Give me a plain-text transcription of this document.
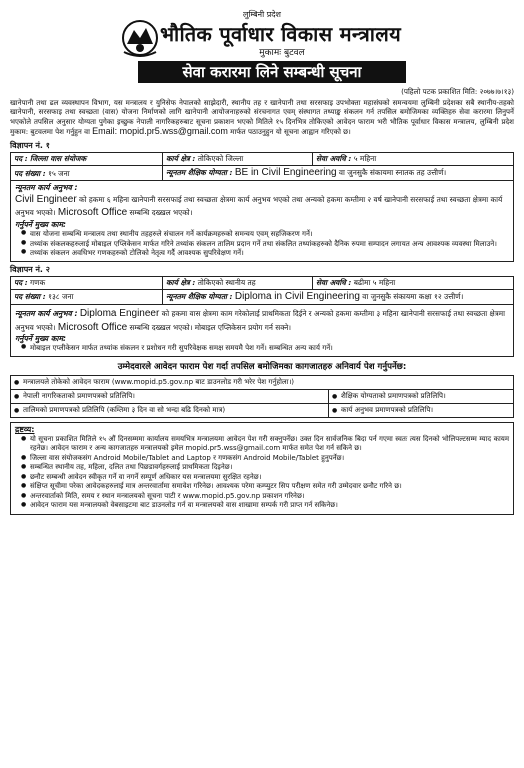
लुम्बिनी प्रदेश
भौतिक पूर्वाधार विकास मन्त्रालय
मुकामः बुटवल
सेवा करारमा लिने सम्बन्धी सूचना
(पहिलो पटक प्रकाशित मिति: २०७७।७।१३)

खानेपानी तथा ढल व्यवस्थापन विभाग, यस मन्त्रालय र युनिसेफ नेपालको साझेदारी, स्थानीय तह र खानेपानी तथा सरसफाइ उपभोक्ता महासंघको समन्वयमा लुम्बिनी प्रदेशका सबै स्थानीय-तहको खानेपानी, सरसफाइ तथा स्वच्छता (वास) योजना निर्माणको लागि खानेपानी आयोजनाहरुको संरचनागत एवम् संस्थागत तथ्याङ्क संकलन गर्न तपसिल बमोजिमका व्यक्तिहरु सेवा करारमा लिनुपर्ने भएकोले तपसिल अनुसार योग्यता पुगेका इच्छुक नेपाली नागरिकहरुबाट सूचना प्रकाशन भएको मितिले १५ दिनभित्र तोकिएको आवेदन फाराम भरी भौतिक पूर्वाधार विकास मन्त्रालय, लुम्बिनी प्रदेश मुकाम: बुटवलमा पेश गर्नुहुन वा Email: mopid.pr5.wss@gmail.com मार्फत पठाउनुहुन यो सूचना आह्वान गरिएको छ।

विज्ञापन नं. १
पद : जिल्ला वास संयोजक	कार्य क्षेत्र : तोकिएको जिल्ला	सेवा अवधि : ५ महिना
पद संख्या : १५ जना	न्यूनतम शैक्षिक योग्यता : BE in Civil Engineering वा जुनसुकै संकायमा स्नातक तह उत्तीर्ण।	
न्यूनतम कार्य अनुभव :

Civil Engineer को हकमा ६ महिना खानेपानी सरसफाई तथा स्वच्छता क्षेत्रमा कार्य अनुभव भएको तथा अन्यको हकमा कम्तीमा २ वर्ष खानेपानी सरसफाई तथा स्वच्छता क्षेत्रमा कार्य अनुभव भएको। Microsoft Office सम्बन्धि दख्खल भएको।

गर्नुपर्ने मुख्य काम:
● वास योजना सम्बन्धि मन्त्रालय तथा स्थानीय तहहरुले संचालन गर्ने कार्यक्रमहरुको समन्वय एवम् सहजिकरण गर्ने।
● तथ्यांक संकलकहरुलाई मोबाइल एप्लिकेसन मार्फत गरिने तथ्यांक संकलन तालिम प्रदान गर्ने तथा संकलित तथ्यांकहरुको दैनिक रुपमा सम्पादन लगायत अन्य आवश्यक व्यवस्था मिलाउने।
● तथ्यांक संकलन अवधिभर गणकहरुको टोलिको नेतृत्व गर्दै आवश्यक सुपरिवेक्षण गर्ने।
विज्ञापन नं. २
पद : गणक	कार्य क्षेत्र : तोकिएको स्थानीय तह	सेवा अवधि : बढीमा ५ महिना
पद संख्या : १३८ जना	न्यूनतम शैक्षिक योग्यता : Diploma in Civil Engineering वा जुनसुकै संकायमा कक्षा १२ उत्तीर्ण।	

न्यूनतम कार्य अनुभव : Diploma Engineer को हकमा वास क्षेत्रमा काम गरेकोलाई प्राथमिकता दिईने र अन्यको हकमा कम्तीमा ३ महिना खानेपानी सरसफाई तथा स्वच्छता क्षेत्रमा अनुभव भएको। Microsoft Office सम्बन्धि दख्खल भएको। मोबाइल एप्लिकेसन प्रयोग गर्न सक्ने।

गर्नुपर्ने मुख्य काम:
● मोबाइल एप्लीकेसन मार्फत तथ्यांक संकलन र प्रशोधन गरी सुपरिवेक्षक समक्ष समयमै पेश गर्ने। सम्बन्धित अन्य कार्य गर्ने।
उम्मेदवारले आवेदन फाराम पेश गर्दा तपसिल बमोजिमका कागजातहरु अनिवार्य पेश गर्नुपर्नेछ:
● मन्त्रालयले तोकेको आवेदन फाराम (www.mopid.p5.gov.np बाट डाउनलोड गरी भरेर पेश गर्नुहोला।)
● नेपाली नागरिकताको प्रमाणपत्रको प्रतिलिपि।	● शैक्षिक योग्यताको प्रमाणपत्रको प्रतिलिपि।
● तालिमको प्रमाणपत्रको प्रतिलिपि (कम्तिमा ३ दिन वा सो भन्दा बढि दिनको मात्र)	● कार्य अनुभव प्रमाणपत्रको प्रतिलिपि।
द्रष्टव्य:
● यो सूचना प्रकाशित मितिले १५ औं दिनसम्ममा कार्यालय समयभित्र मन्त्रालयमा आवेदन पेश गरी सक्नुपर्नेछ। उक्त दिन सार्वजनिक बिदा पर्न गएमा स्वतः त्यस दिनको भोलिपल्टसम्म म्याद कायम रहनेछ। आवेदन फाराम र अन्य कागजातहरु मन्त्रालयको इमेल mopid.pr5.wss@gmail.com मार्फत समेत पेश गर्न सकिने छ।
● जिल्ला वास संयोजकसंग Android Mobile/Tablet and Laptop र गणकसंग Android Mobile/Tablet हुनुपर्नेछ।
● सम्बन्धित स्थानीय तह, महिला, दलित तथा पिछडावर्गहरुलाई प्राथमिकता दिइनेछ।
● छनौट सम्बन्धी आवेदन स्वीकृत गर्ने वा नगर्ने सम्पूर्ण अधिकार यस मन्त्रालयमा सुरक्षित रहनेछ।
● संक्षिप्त सूचीमा परेका आवेदकहरुलाई मात्र अन्तरवार्तामा समावेश गरिनेछ। आवश्यक परेमा कम्प्युटर सिप परीक्षण समेत गरी उम्मेदवार छनौट गरिने छ।
● अन्तरवार्ताको मिति, समय र स्थान मन्त्रालयको सूचना पाटी र www.mopid.p5.gov.np प्रकाशन गरिनेछ।
● आवेदन फाराम यस मन्त्रालयको वेबसाइटमा बाट डाउनलोड गर्न वा मन्त्रालयको वास शाखामा सम्पर्क गरी प्राप्त गर्न सकिनेछ।
